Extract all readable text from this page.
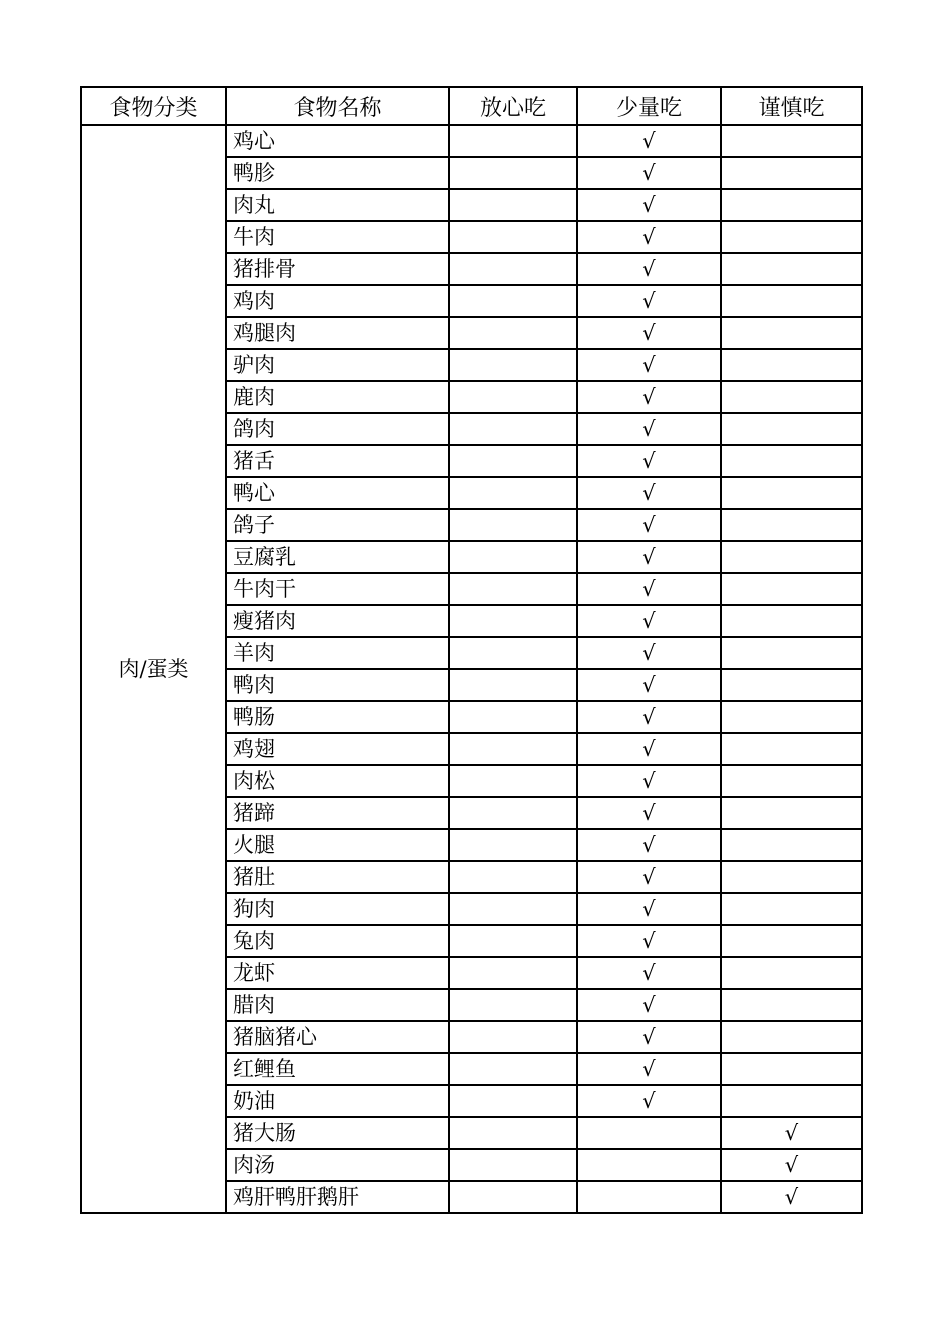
食物分类	食物名称	放心吃	少量吃	谨慎吃
肉/蛋类	鸡心		√	
	鸭胗		√	
	肉丸		√	
	牛肉		√	
	猪排骨		√	
	鸡肉		√	
	鸡腿肉		√	
	驴肉		√	
	鹿肉		√	
	鸽肉		√	
	猪舌		√	
	鸭心		√	
	鸽子		√	
	豆腐乳		√	
	牛肉干		√	
	瘦猪肉		√	
	羊肉		√	
	鸭肉		√	
	鸭肠		√	
	鸡翅		√	
	肉松		√	
	猪蹄		√	
	火腿		√	
	猪肚		√	
	狗肉		√	
	兔肉		√	
	龙虾		√	
	腊肉		√	
	猪脑猪心		√	
	红鲤鱼		√	
	奶油		√	
	猪大肠			√
	肉汤			√
	鸡肝鸭肝鹅肝			√
